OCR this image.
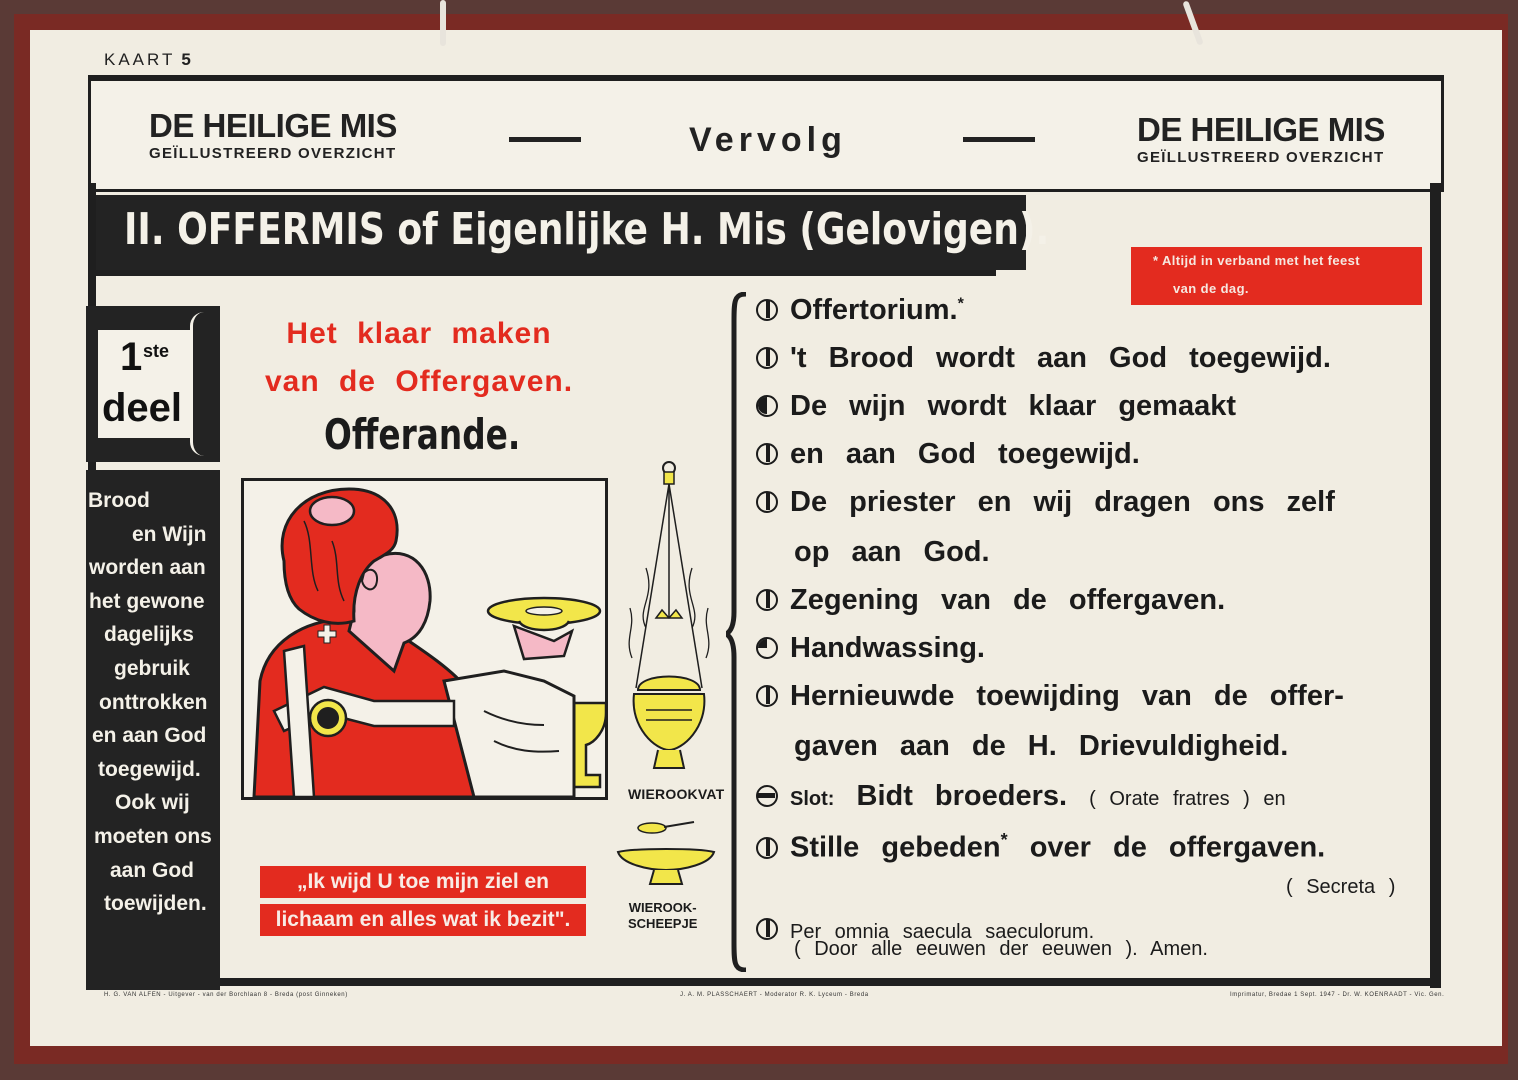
KAART 5
DE HEILIGE MIS
GEÏLLUSTREERD OVERZICHT	Vervolg	DE HEILIGE MIS
GEÏLLUSTREERD OVERZICHT
II. OFFERMIS of Eigenlijke H. Mis (Gelovigen).
* Altijd in verband met het feest
van de dag.
1 ste
deel
Brood
en Wijn
worden aan
het gewone
dagelijks
gebruik
onttrokken
en aan God
toegewijd.
Ook wij
moeten ons
aan God
toewijden.
Het klaar maken
van de Offergaven.
Offerande.
„Ik wijd U toe mijn ziel en
lichaam en alles wat ik bezit".
WIEROOKVAT
WIEROOK-
SCHEEPJE
Offertorium.*
't Brood wordt aan God toegewijd.
De wijn wordt klaar gemaakt
en aan God toegewijd.
De priester en wij dragen ons zelf
op aan God.
Zegening van de offergaven.
Handwassing.
Hernieuwde toewijding van de offer-
gaven aan de H. Drievuldigheid.
Slot: Bidt broeders. ( Orate fratres ) en
Stille gebeden* over de offergaven.
( Secreta )
Per omnia saecula saeculorum.
( Door alle eeuwen der eeuwen ). Amen.
H. G. VAN ALFEN - Uitgever - van der Borchlaan 8 - Breda (post Ginneken)	J. A. M. PLASSCHAERT - Moderator R. K. Lyceum - Breda	Imprimatur, Bredae 1 Sept. 1947 - Dr. W. KOENRAADT - Vic. Gen.
